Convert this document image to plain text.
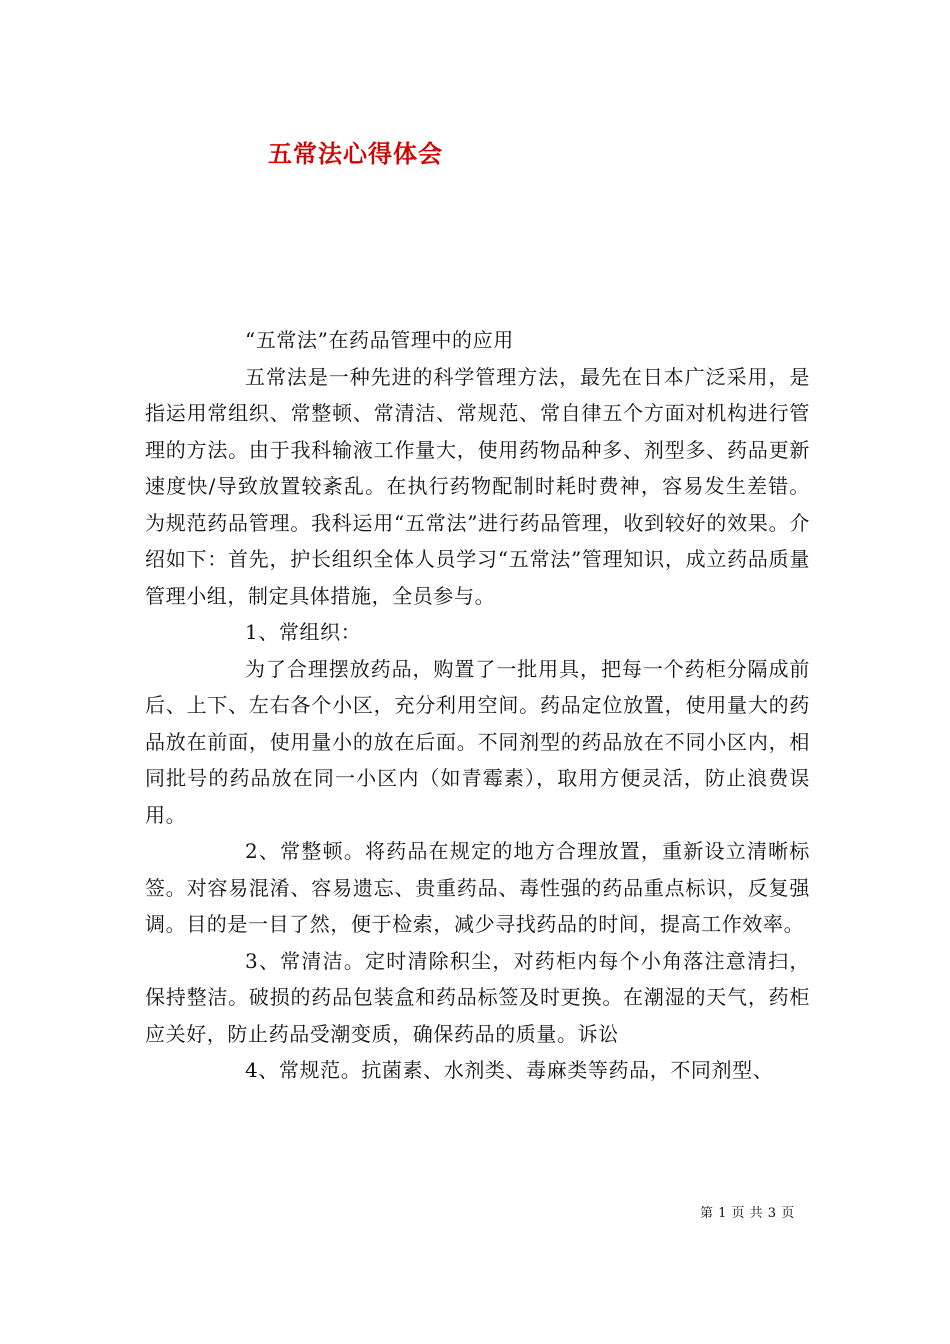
五常法心得体会

“五常法”在药品管理中的应用

五常法是一种先进的科学管理方法，最先在日本广泛采用，是指运用常组织、常整顿、常清洁、常规范、常自律五个方面对机构进行管理的方法。由于我科输液工作量大，使用药物品种多、剂型多、药品更新速度快/导致放置较紊乱。在执行药物配制时耗时费神，容易发生差错。为规范药品管理。我科运用“五常法”进行药品管理，收到较好的效果。介绍如下：首先，护长组织全体人员学习“五常法”管理知识，成立药品质量管理小组，制定具体措施，全员参与。

1、常组织：

为了合理摆放药品，购置了一批用具，把每一个药柜分隔成前后、上下、左右各个小区，充分利用空间。药品定位放置，使用量大的药品放在前面，使用量小的放在后面。不同剂型的药品放在不同小区内，相同批号的药品放在同一小区内（如青霉素），取用方便灵活，防止浪费误用。

2、常整顿。将药品在规定的地方合理放置，重新设立清晰标签。对容易混淆、容易遗忘、贵重药品、毒性强的药品重点标识，反复强调。目的是一目了然，便于检索，减少寻找药品的时间，提高工作效率。

3、常清洁。定时清除积尘，对药柜内每个小角落注意清扫，保持整洁。破损的药品包装盒和药品标签及时更换。在潮湿的天气，药柜应关好，防止药品受潮变质，确保药品的质量。诉讼

4、常规范。抗菌素、水剂类、毒麻类等药品，不同剂型、

第 1 页 共 3 页
